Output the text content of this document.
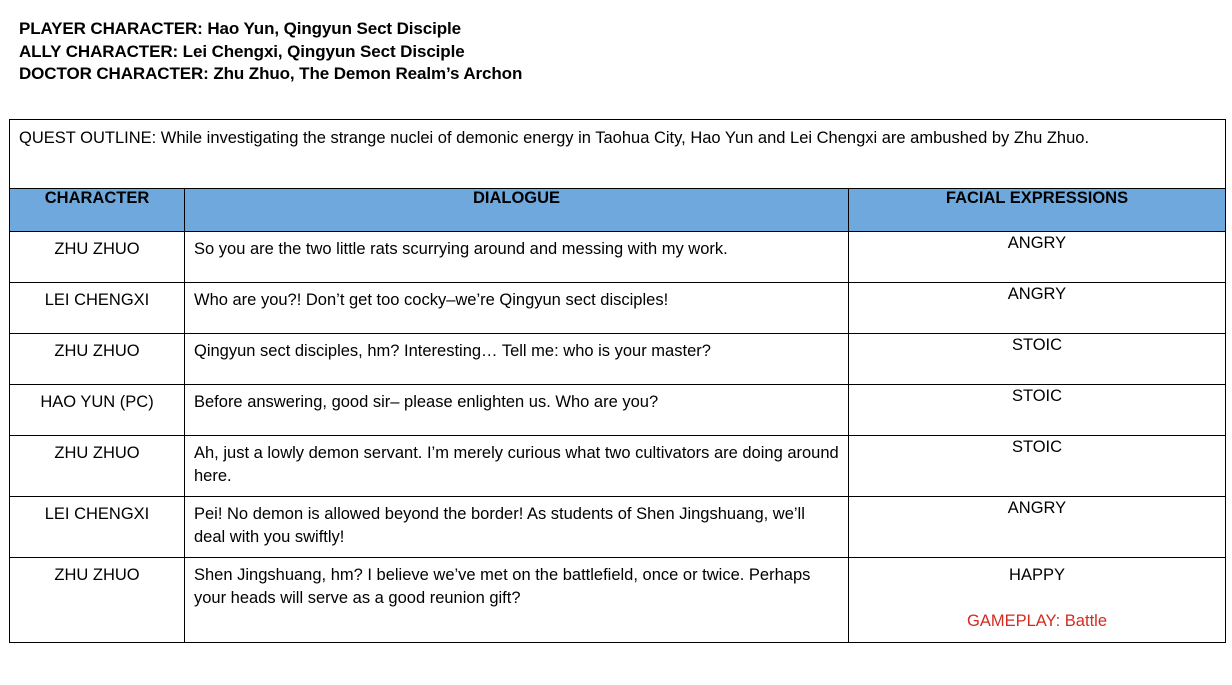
PLAYER CHARACTER: Hao Yun, Qingyun Sect Disciple
ALLY CHARACTER: Lei Chengxi, Qingyun Sect Disciple
DOCTOR CHARACTER: Zhu Zhuo, The Demon Realm’s Archon
QUEST OUTLINE: While investigating the strange nuclei of demonic energy in Taohua City, Hao Yun and Lei Chengxi are ambushed by Zhu Zhuo.		
CHARACTER	DIALOGUE	FACIAL EXPRESSIONS
ZHU ZHUO	So you are the two little rats scurrying around and messing with my work.	ANGRY
LEI CHENGXI	Who are you?! Don’t get too cocky–we’re Qingyun sect disciples!	ANGRY
ZHU ZHUO	Qingyun sect disciples, hm? Interesting… Tell me: who is your master?	STOIC
HAO YUN (PC)	Before answering, good sir– please enlighten us. Who are you?	STOIC
ZHU ZHUO	Ah, just a lowly demon servant. I’m merely curious what two cultivators are doing around here.	STOIC
LEI CHENGXI	Pei! No demon is allowed beyond the border! As students of Shen Jingshuang, we’ll deal with you swiftly!	ANGRY
ZHU ZHUO	Shen Jingshuang, hm? I believe we’ve met on the battlefield, once or twice. Perhaps your heads will serve as a good reunion gift?	HAPPY
GAMEPLAY: Battle
